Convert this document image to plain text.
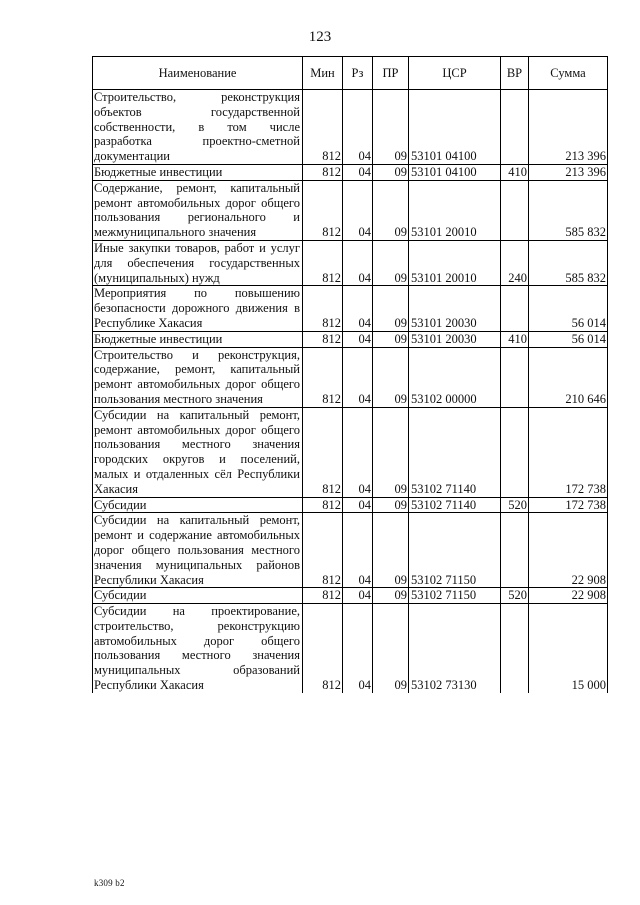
123
Наименование	Мин	Рз	ПР	ЦСР	ВР	Сумма
Строительство, реконструкция объектов государственной собственности, в том числе разработка проектно-сметной документации	812	04	09	53101 04100		213 396
Бюджетные инвестиции	812	04	09	53101 04100	410	213 396
Содержание, ремонт, капитальный ремонт автомобильных дорог общего пользования регионального и межмуниципального значения	812	04	09	53101 20010		585 832
Иные закупки товаров, работ и услуг для обеспечения государственных (муниципальных) нужд	812	04	09	53101 20010	240	585 832
Мероприятия по повышению безопасности дорожного движения в Республике Хакасия	812	04	09	53101 20030		56 014
Бюджетные инвестиции	812	04	09	53101 20030	410	56 014
Строительство и реконструкция, содержание, ремонт, капитальный ремонт автомобильных дорог общего пользования местного значения	812	04	09	53102 00000		210 646
Субсидии на капитальный ремонт, ремонт автомобильных дорог общего пользования местного значения городских округов и поселений, малых и отдаленных сёл Республики Хакасия	812	04	09	53102 71140		172 738
Субсидии	812	04	09	53102 71140	520	172 738
Субсидии на капитальный ремонт, ремонт и содержание автомобильных дорог общего пользования местного значения муниципальных районов Республики Хакасия	812	04	09	53102 71150		22 908
Субсидии	812	04	09	53102 71150	520	22 908
Субсидии на проектирование, строительство, реконструкцию автомобильных дорог общего пользования местного значения муниципальных образований Республики Хакасия	812	04	09	53102 73130		15 000
k309 b2
